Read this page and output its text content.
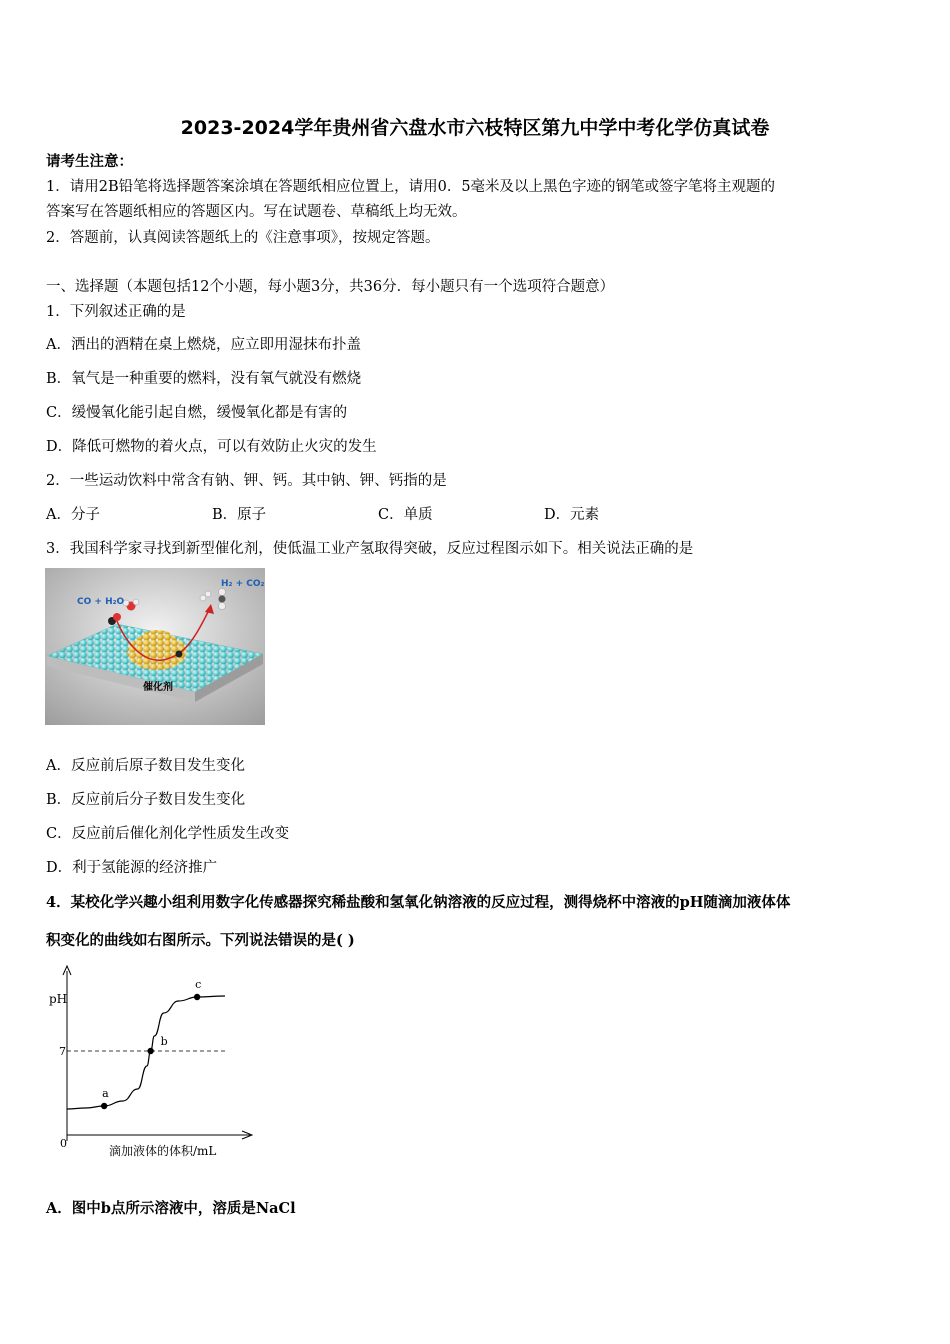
2023-2024学年贵州省六盘水市六枝特区第九中学中考化学仿真试卷
请考生注意：
1．请用2B铅笔将选择题答案涂填在答题纸相应位置上，请用0．5毫米及以上黑色字迹的钢笔或签字笔将主观题的
答案写在答题纸相应的答题区内。写在试题卷、草稿纸上均无效。
2．答题前，认真阅读答题纸上的《注意事项》，按规定答题。
一、选择题（本题包括12个小题，每小题3分，共36分．每小题只有一个选项符合题意）
1．下列叙述正确的是
A．洒出的酒精在桌上燃烧，应立即用湿抹布扑盖
B．氧气是一种重要的燃料，没有氧气就没有燃烧
C．缓慢氧化能引起自燃，缓慢氧化都是有害的
D．降低可燃物的着火点，可以有效防止火灾的发生
2．一些运动饮料中常含有钠、钾、钙。其中钠、钾、钙指的是
A．分子	B．原子	C．单质	D．元素
3．我国科学家寻找到新型催化剂，使低温工业产氢取得突破，反应过程图示如下。相关说法正确的是
CO + H₂O
H₂ + CO₂
催化剂
A．反应前后原子数目发生变化
B．反应前后分子数目发生变化
C．反应前后催化剂化学性质发生改变
D．利于氢能源的经济推广
4．某校化学兴趣小组利用数字化传感器探究稀盐酸和氢氧化钠溶液的反应过程，测得烧杯中溶液的pH随滴加液体体
积变化的曲线如右图所示。下列说法错误的是( )
a
b
c
pH
7
0
滴加液体的体积/mL
A．图中b点所示溶液中，溶质是NaCl
